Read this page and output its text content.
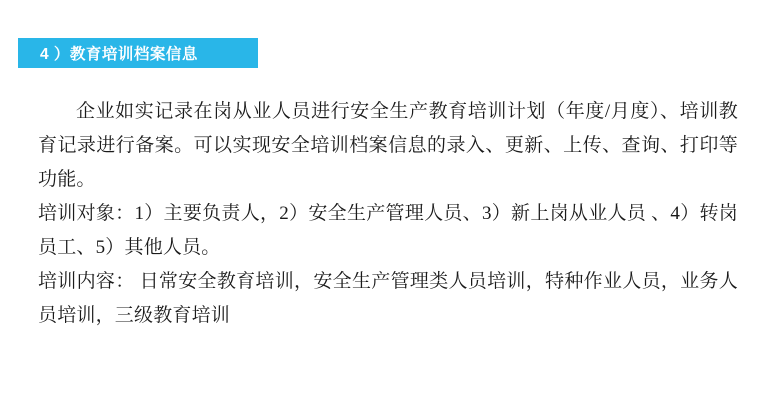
4 ）教育培训档案信息

企业如实记录在岗从业人员进行安全生产教育培训计划（年度/月度）、培训教育记录进行备案。可以实现安全培训档案信息的录入、更新、上传、查询、打印等功能。

培训对象：1）主要负责人，2）安全生产管理人员、3）新上岗从业人员 、4）转岗员工、5）其他人员。

培训内容： 日常安全教育培训，安全生产管理类人员培训，特种作业人员，业务人员培训，三级教育培训
